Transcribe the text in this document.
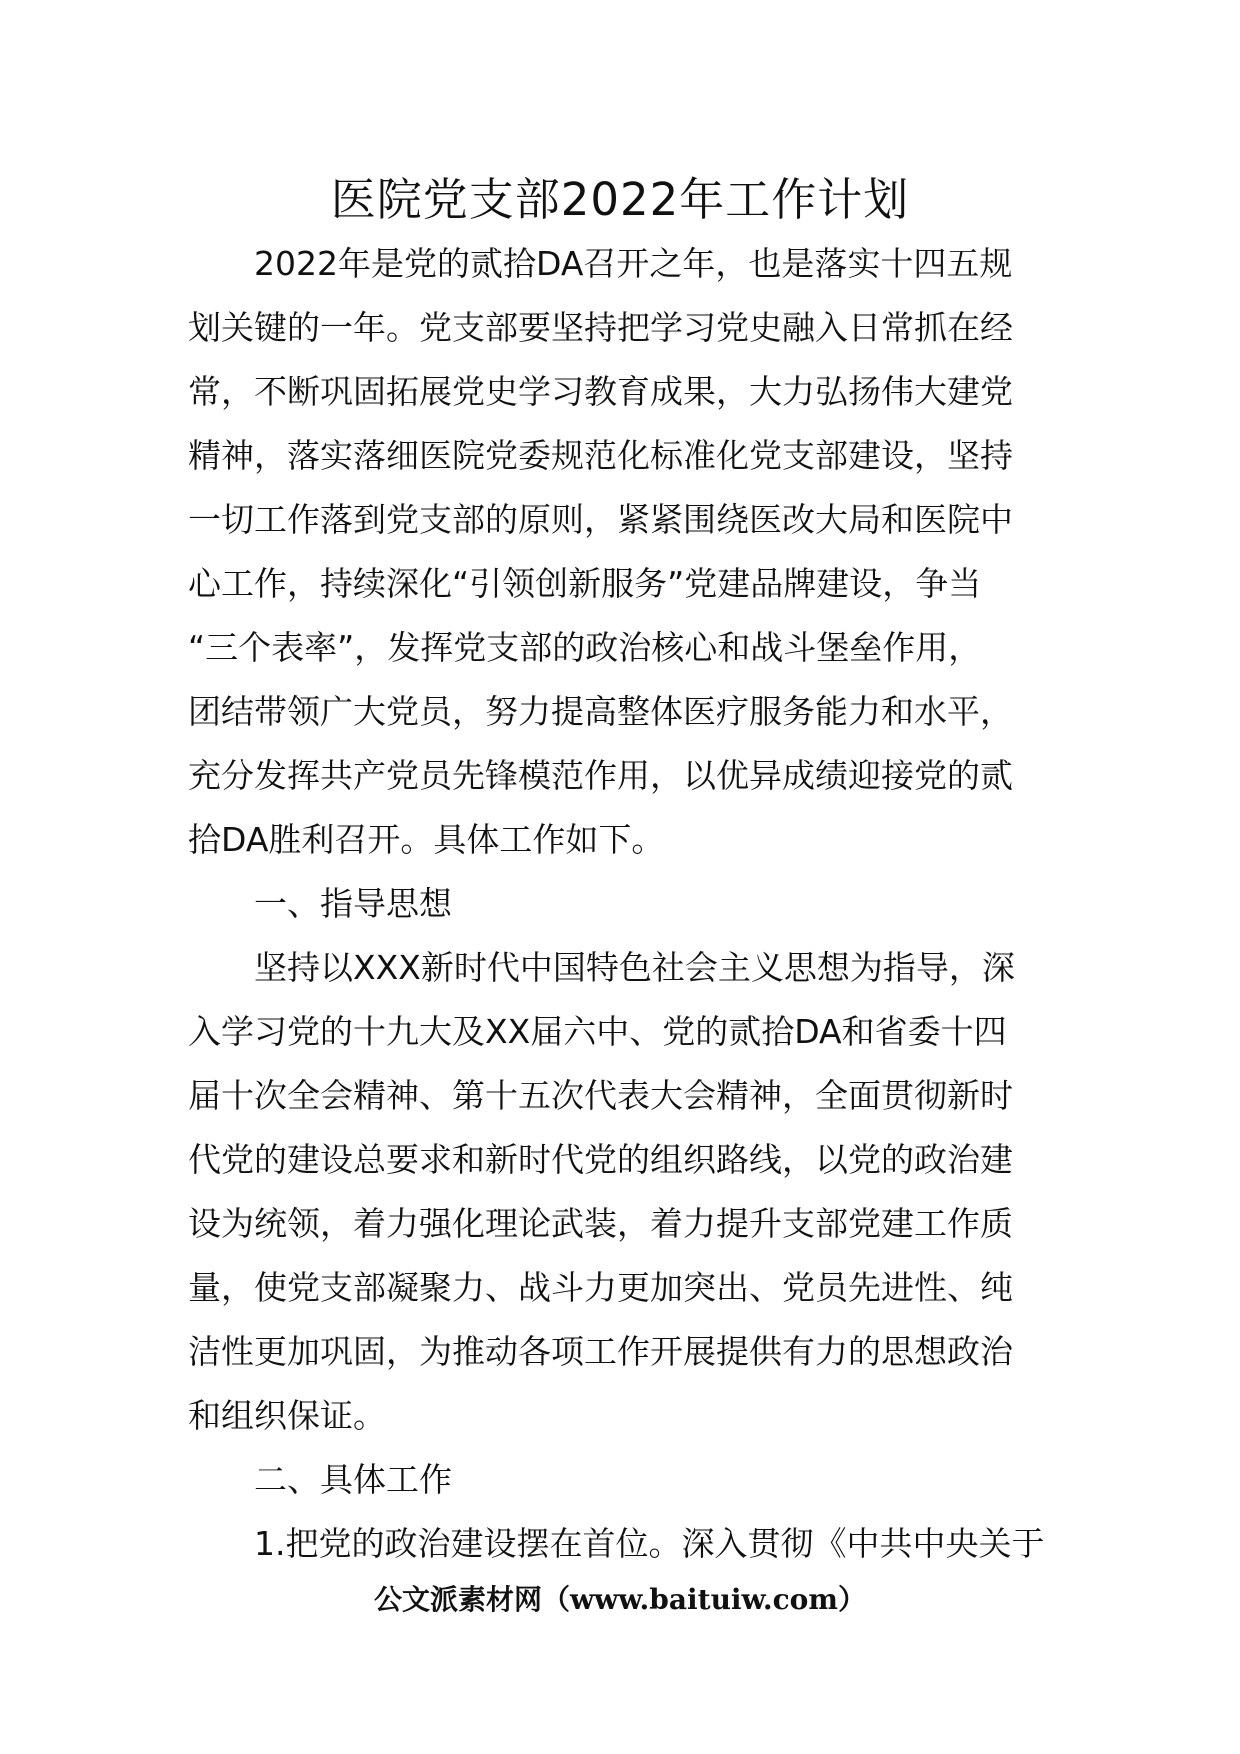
医院党支部2022年工作计划
2022年是党的贰拾DA召开之年，也是落实十四五规
划关键的一年。党支部要坚持把学习党史融入日常抓在经
常，不断巩固拓展党史学习教育成果，大力弘扬伟大建党
精神，落实落细医院党委规范化标准化党支部建设，坚持
一切工作落到党支部的原则，紧紧围绕医改大局和医院中
心工作，持续深化“引领创新服务”党建品牌建设，争当
“三个表率”，发挥党支部的政治核心和战斗堡垒作用，
团结带领广大党员，努力提高整体医疗服务能力和水平，
充分发挥共产党员先锋模范作用，以优异成绩迎接党的贰
拾DA胜利召开。具体工作如下。
一、指导思想
坚持以XXX新时代中国特色社会主义思想为指导，深
入学习党的十九大及XX届六中、党的贰拾DA和省委十四
届十次全会精神、第十五次代表大会精神，全面贯彻新时
代党的建设总要求和新时代党的组织路线，以党的政治建
设为统领，着力强化理论武装，着力提升支部党建工作质
量，使党支部凝聚力、战斗力更加突出、党员先进性、纯
洁性更加巩固，为推动各项工作开展提供有力的思想政治
和组织保证。
二、具体工作
1.把党的政治建设摆在首位。深入贯彻《中共中央关于
公文派素材网（www.baituiw.com）
